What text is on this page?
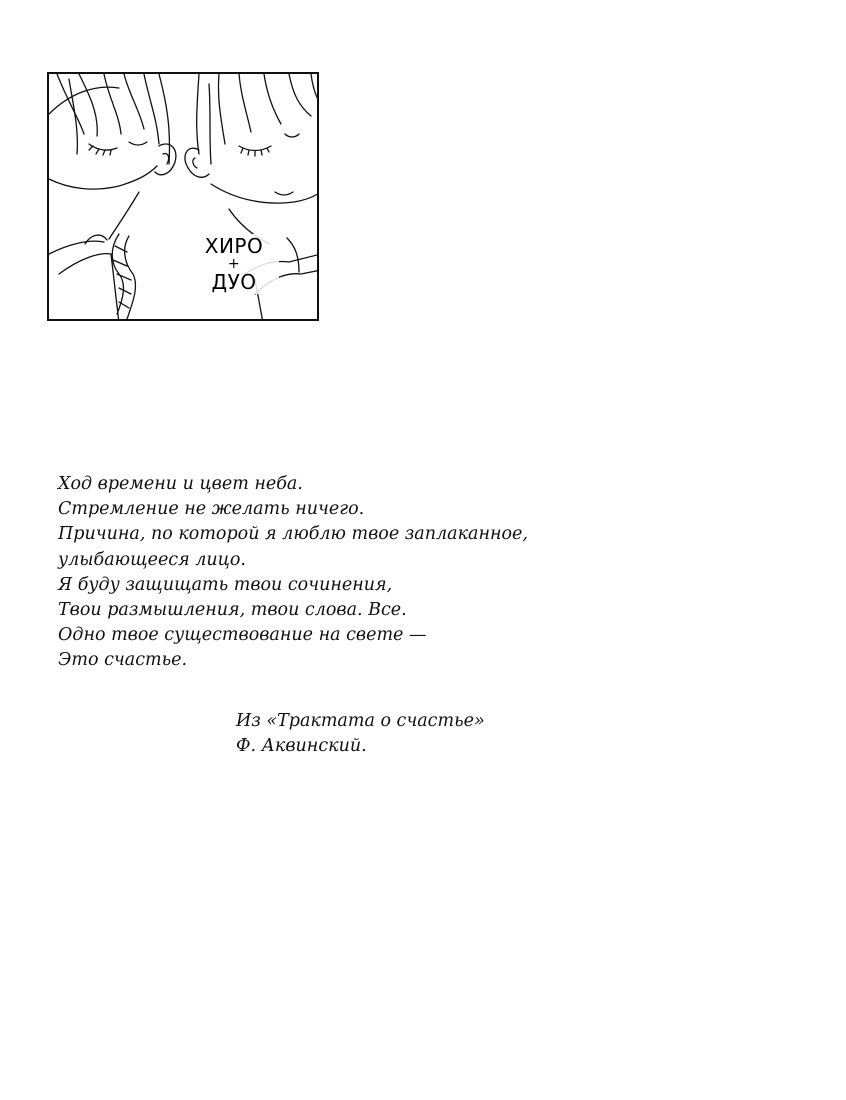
ХИРО
+
ДУО
Ход времени и цвет неба.
Стремление не желать ничего.
Причина, по которой я люблю твое заплаканное,
улыбающееся лицо.
Я буду защищать твои сочинения,
Твои размышления, твои слова. Все.
Одно твое существование на свете —
Это счастье.
Из «Трактата о счастье»
Ф. Аквинский.
